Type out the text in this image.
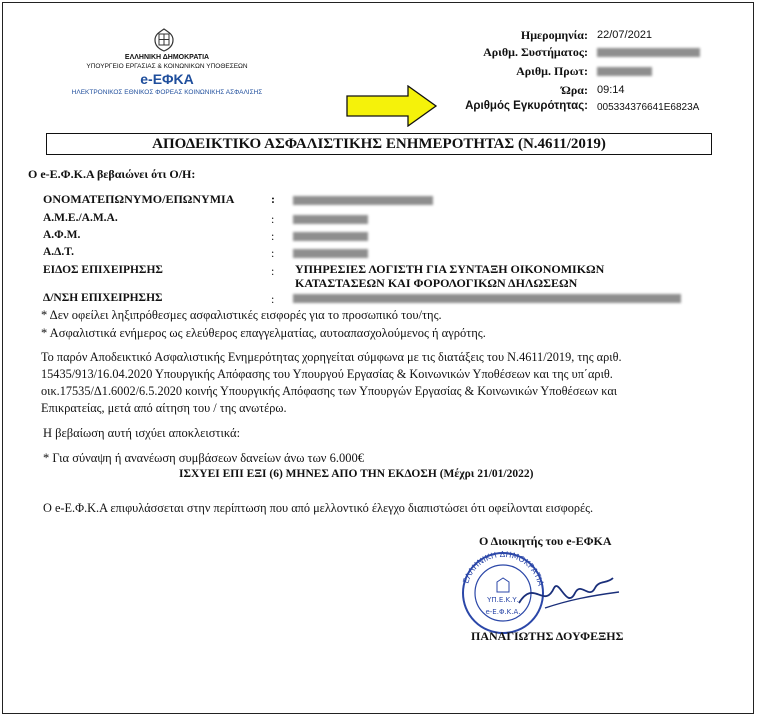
ΕΛΛΗΝΙΚΗ ΔΗΜΟΚΡΑΤΙΑ
ΥΠΟΥΡΓΕΙΟ ΕΡΓΑΣΙΑΣ & ΚΟΙΝΩΝΙΚΩΝ ΥΠΟΘΕΣΕΩΝ
e-ΕΦΚΑ
ΗΛΕΚΤΡΟΝΙΚΟΣ ΕΘΝΙΚΟΣ ΦΟΡΕΑΣ ΚΟΙΝΩΝΙΚΗΣ ΑΣΦΑΛΙΣΗΣ
Ημερομηνία: 22/07/2021
Αριθμ. Συστήματος:
Αριθμ. Πρωτ:
Ώρα: 09:14
Αριθμός Εγκυρότητας: 005334376641E6823A
ΑΠΟΔΕΙΚΤΙΚΟ ΑΣΦΑΛΙΣΤΙΚΗΣ ΕΝΗΜΕΡΟΤΗΤΑΣ (Ν.4611/2019)
Ο e-Ε.Φ.Κ.Α βεβαιώνει ότι Ο/Η:
ΟΝΟΜΑΤΕΠΩΝΥΜΟ/ΕΠΩΝΥΜΙΑ	:
Α.Μ.Ε./Α.Μ.Α.	:
Α.Φ.Μ.	:
Α.Δ.Τ.	:
ΕΙΔΟΣ ΕΠΙΧΕΙΡΗΣΗΣ	: ΥΠΗΡΕΣΙΕΣ ΛΟΓΙΣΤΗ ΓΙΑ ΣΥΝΤΑΞΗ ΟΙΚΟΝΟΜΙΚΩΝ
ΚΑΤΑΣΤΑΣΕΩΝ ΚΑΙ ΦΟΡΟΛΟΓΙΚΩΝ ΔΗΛΩΣΕΩΝ
Δ/ΝΣΗ ΕΠΙΧΕΙΡΗΣΗΣ	:
* Δεν οφείλει ληξιπρόθεσμες ασφαλιστικές εισφορές για το προσωπικό του/της.
* Ασφαλιστικά ενήμερος ως ελεύθερος επαγγελματίας, αυτοαπασχολούμενος ή αγρότης.
Το παρόν Αποδεικτικό Ασφαλιστικής Ενημερότητας χορηγείται σύμφωνα με τις διατάξεις του Ν.4611/2019, της αριθ.
15435/913/16.04.2020 Υπουργικής Απόφασης του Υπουργού Εργασίας & Κοινωνικών Υποθέσεων και της υπ΄αριθ.
οικ.17535/Δ1.6002/6.5.2020 κοινής Υπουργικής Απόφασης των Υπουργών Εργασίας & Κοινωνικών Υποθέσεων και
Επικρατείας, μετά από αίτηση του / της ανωτέρω.
Η βεβαίωση αυτή ισχύει αποκλειστικά:
* Για σύναψη ή ανανέωση συμβάσεων δανείων άνω των 6.000€
ΙΣΧΥΕΙ ΕΠΙ ΕΞΙ (6) ΜΗΝΕΣ ΑΠΟ ΤΗΝ ΕΚΔΟΣΗ (Μέχρι 21/01/2022)
Ο e-Ε.Φ.Κ.Α επιφυλάσσεται στην περίπτωση που από μελλοντικό έλεγχο διαπιστώσει ότι οφείλονται εισφορές.
Ο Διοικητής του e-ΕΦΚΑ
ΕΛΛΗΝΙΚΗ ΔΗΜΟΚΡΑΤΙΑ
ΥΠ.Ε.Κ.Υ.
e-Ε.Φ.Κ.Α.
ΠΑΝΑΓΙΩΤΗΣ ΔΟΥΦΕΞΗΣ
